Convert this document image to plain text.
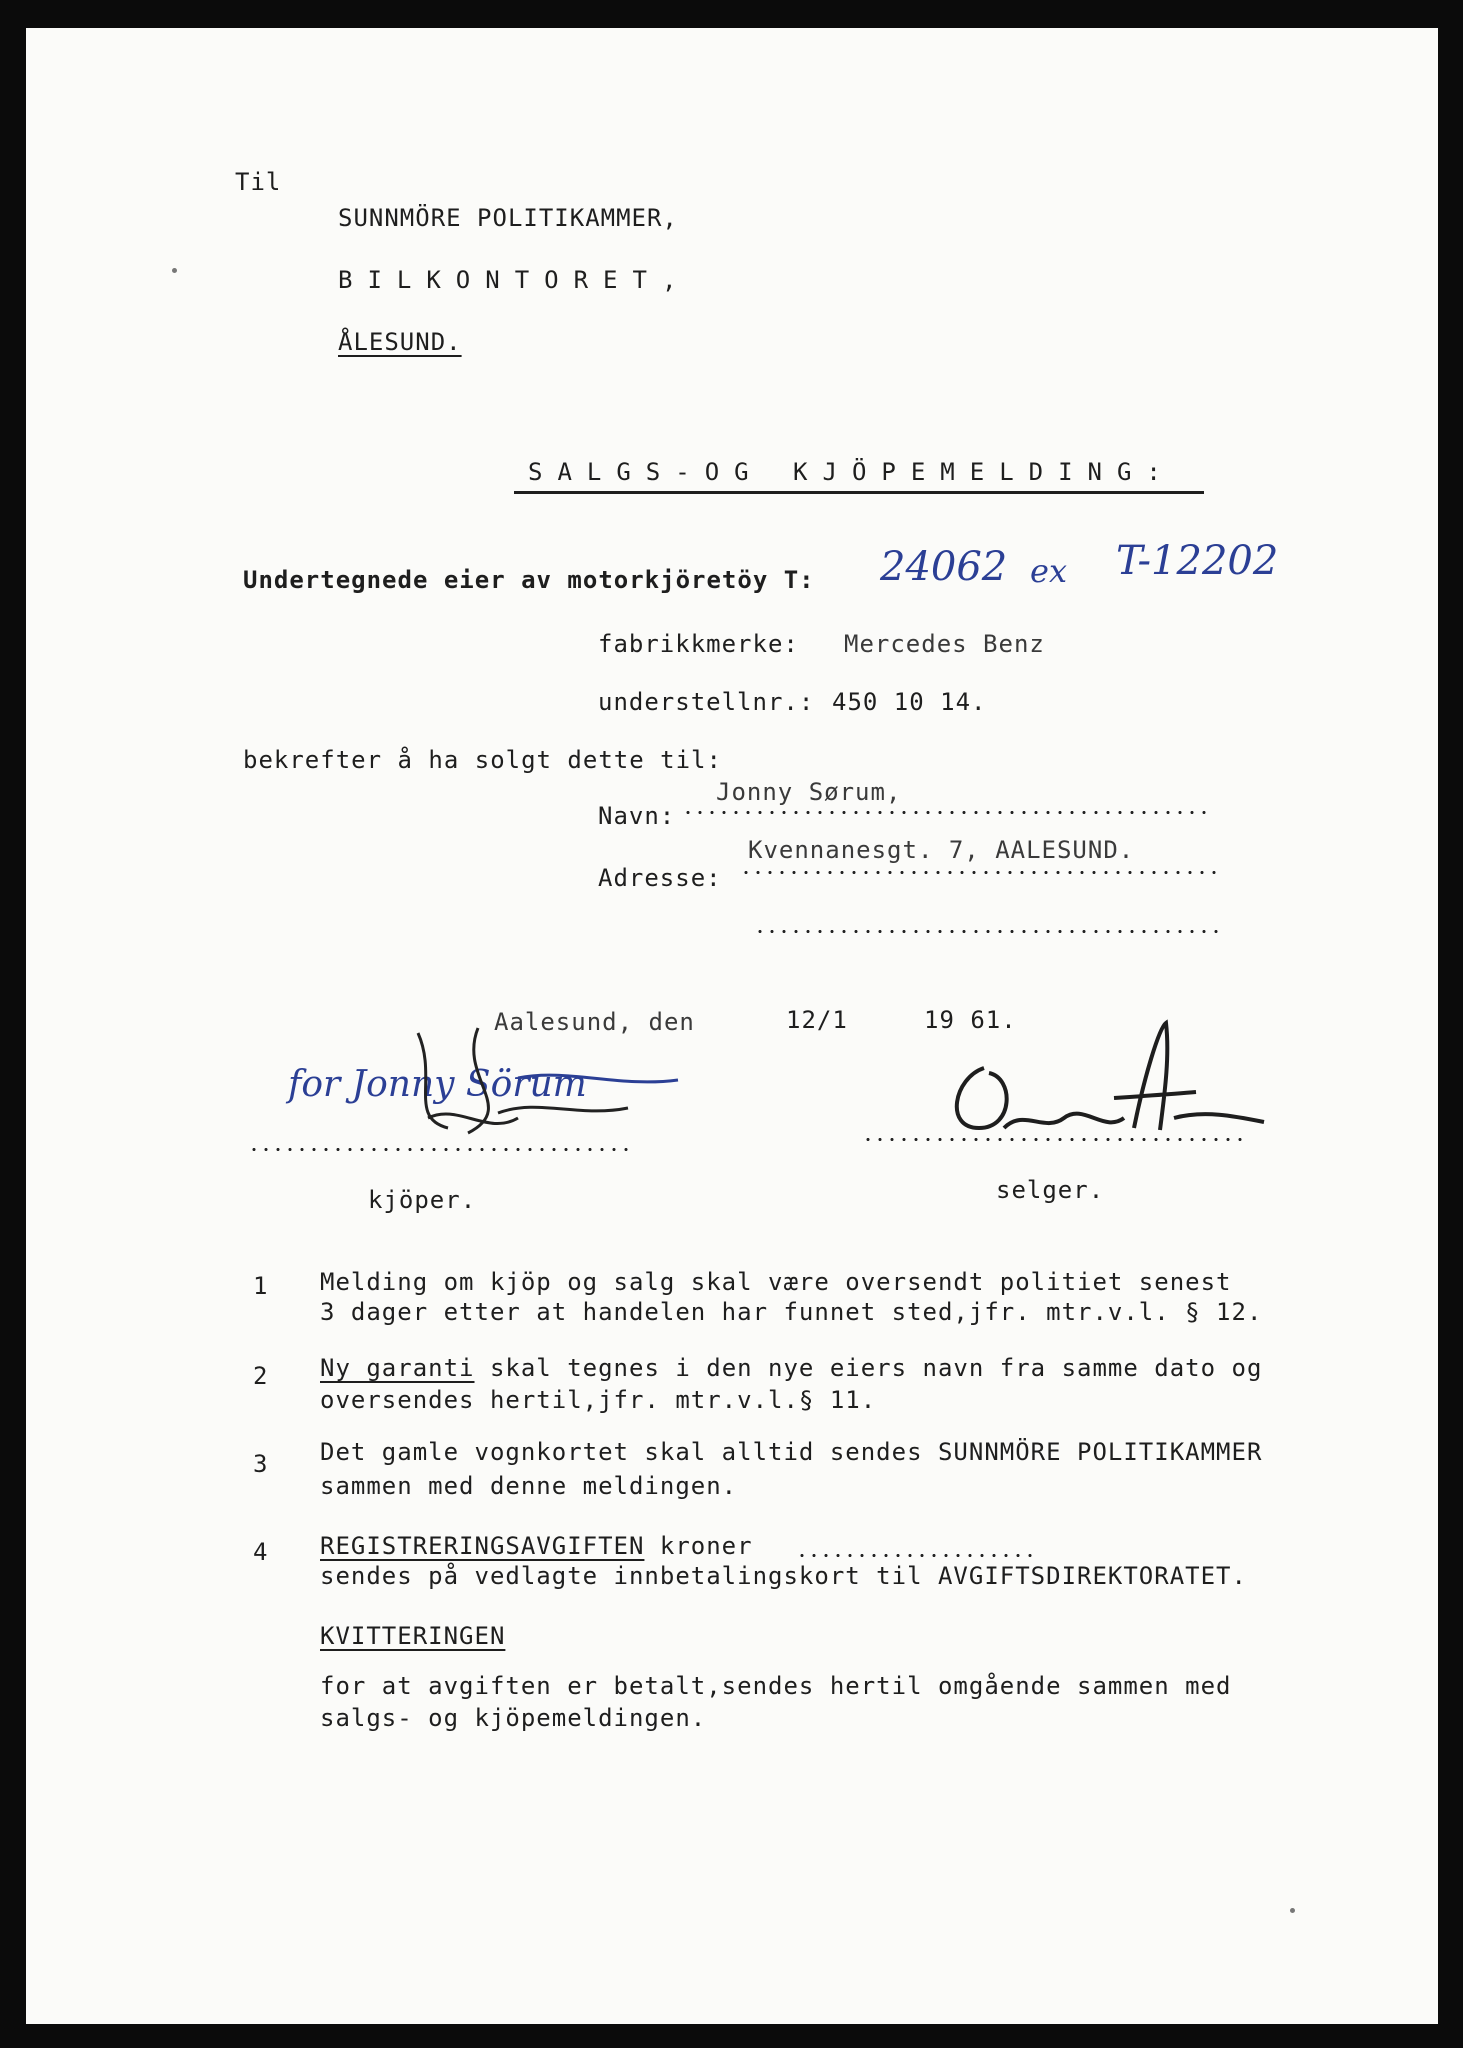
Til
SUNNMÖRE POLITIKAMMER,
BILKONTORET,
ÅLESUND.
SALGS-OG KJÖPEMELDING:
Undertegnede eier av motorkjöretöy T: 24062 ex T-12202
fabrikkmerke: Mercedes Benz
understellnr.: 450 10 14.
bekrefter å ha solgt dette til:
Navn:
Jonny Sørum,
Adresse:
Kvennanesgt. 7, AALESUND.
Aalesund, den	12/1	19 61.
for Jonny Sörum
kjöper.	selger.
1 Melding om kjöp og salg skal være oversendt politiet senest
3 dager etter at handelen har funnet sted,jfr. mtr.v.l. § 12.
2 Ny garanti skal tegnes i den nye eiers navn fra samme dato og
oversendes hertil,jfr. mtr.v.l.§ 11.
3 Det gamle vognkortet skal alltid sendes SUNNMÖRE POLITIKAMMER
sammen med denne meldingen.
4 REGISTRERINGSAVGIFTEN kroner
sendes på vedlagte innbetalingskort til AVGIFTSDIREKTORATET.
KVITTERINGEN
for at avgiften er betalt,sendes hertil omgående sammen med
salgs- og kjöpemeldingen.
